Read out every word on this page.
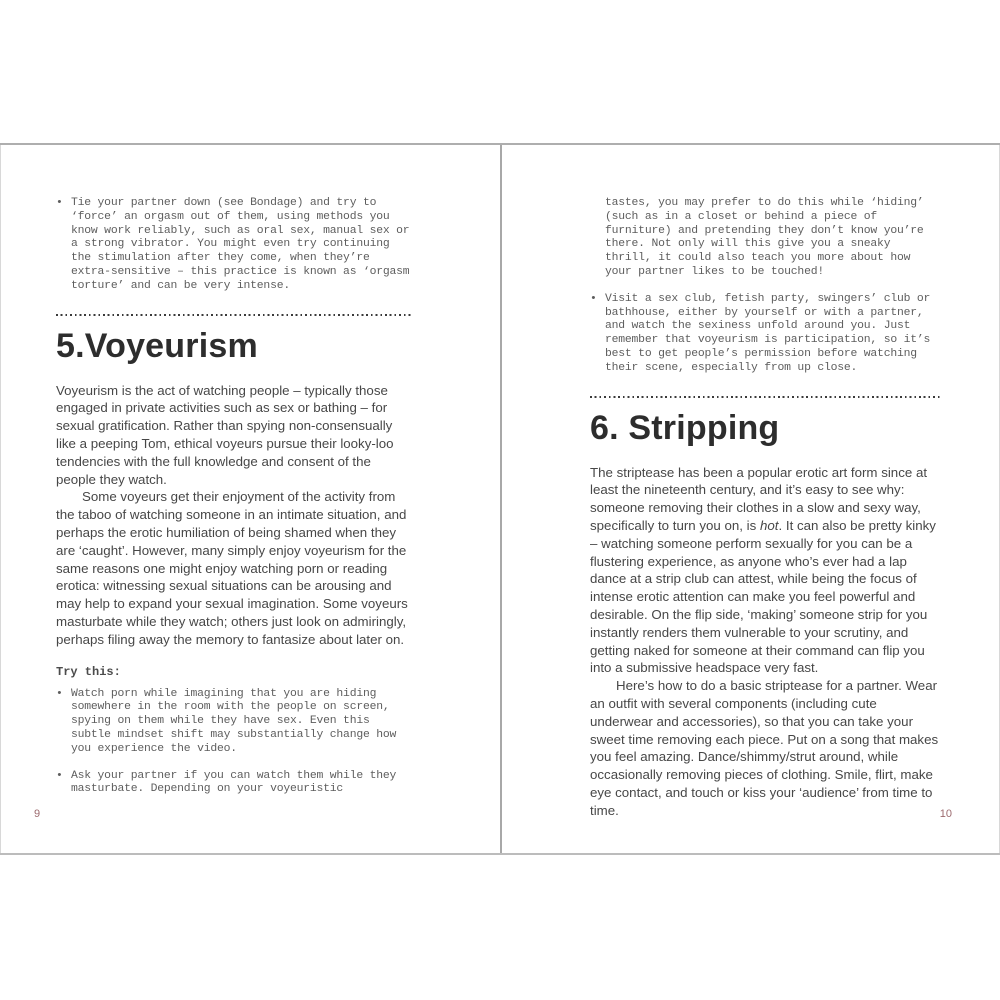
• Tie your partner down (see Bondage) and try to ‘force’ an orgasm out of them, using methods you know work reliably, such as oral sex, manual sex or a strong vibrator. You might even try continuing the stimulation after they come, when they’re extra-sensitive – this practice is known as ‘orgasm torture’ and can be very intense.
5.Voyeurism

Voyeurism is the act of watching people – typically those engaged in private activities such as sex or bathing – for sexual gratification. Rather than spying non-consensually like a peeping Tom, ethical voyeurs pursue their looky-loo tendencies with the full knowledge and consent of the people they watch.

Some voyeurs get their enjoyment of the activity from the taboo of watching someone in an intimate situation, and perhaps the erotic humiliation of being shamed when they are ‘caught’. However, many simply enjoy voyeurism for the same reasons one might enjoy watching porn or reading erotica: witnessing sexual situations can be arousing and may help to expand your sexual imagination. Some voyeurs masturbate while they watch; others just look on admiringly, perhaps filing away the memory to fantasize about later on.

Try this:
• Watch porn while imagining that you are hiding somewhere in the room with the people on screen, spying on them while they have sex. Even this subtle mindset shift may substantially change how you experience the video.
• Ask your partner if you can watch them while they masturbate. Depending on your voyeuristic
9
tastes, you may prefer to do this while ‘hiding’ (such as in a closet or behind a piece of furniture) and pretending they don’t know you’re there. Not only will this give you a sneaky thrill, it could also teach you more about how your partner likes to be touched!
• Visit a sex club, fetish party, swingers’ club or bathhouse, either by yourself or with a partner, and watch the sexiness unfold around you. Just remember that voyeurism is participation, so it’s best to get people’s permission before watching their scene, especially from up close.
6. Stripping

The striptease has been a popular erotic art form since at least the nineteenth century, and it’s easy to see why: someone removing their clothes in a slow and sexy way, specifically to turn you on, is hot. It can also be pretty kinky – watching someone perform sexually for you can be a flustering experience, as anyone who’s ever had a lap dance at a strip club can attest, while being the focus of intense erotic attention can make you feel powerful and desirable. On the flip side, ‘making’ someone strip for you instantly renders them vulnerable to your scrutiny, and getting naked for someone at their command can flip you into a submissive headspace very fast.

Here’s how to do a basic striptease for a partner. Wear an outfit with several components (including cute underwear and accessories), so that you can take your sweet time removing each piece. Put on a song that makes you feel amazing. Dance/shimmy/strut around, while occasionally removing pieces of clothing. Smile, flirt, make eye contact, and touch or kiss your ‘audience’ from time to time.	10
